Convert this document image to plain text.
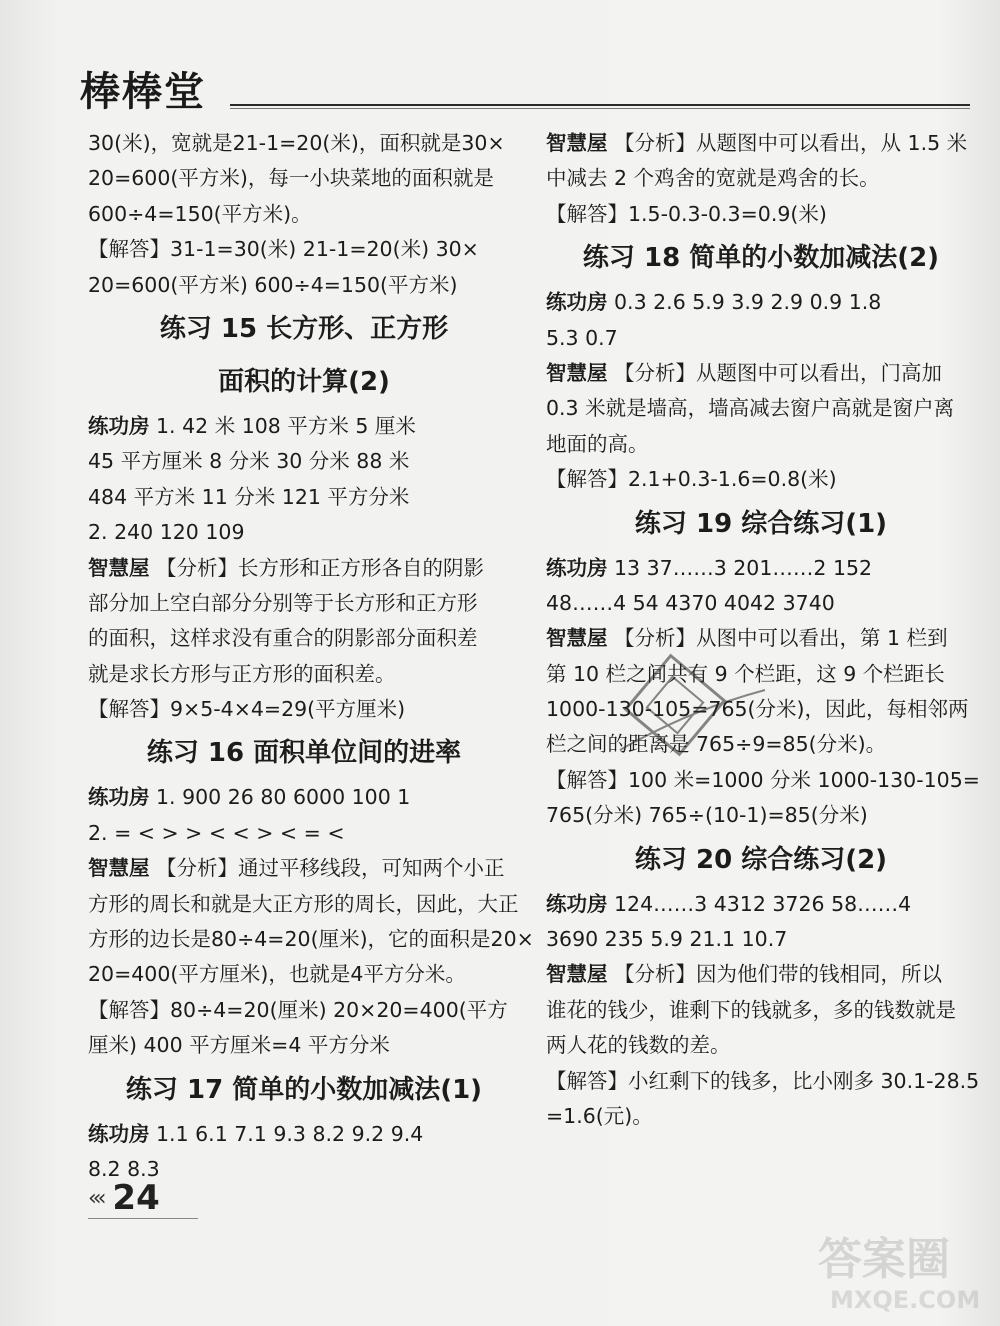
棒棒堂
30(米)，宽就是21-1=20(米)，面积就是30×
20=600(平方米)，每一小块菜地的面积就是
600÷4=150(平方米)。
【解答】31-1=30(米) 21-1=20(米) 30×
20=600(平方米) 600÷4=150(平方米)
练习 15 长方形、正方形
面积的计算(2)
练功房 1. 42 米 108 平方米 5 厘米
45 平方厘米 8 分米 30 分米 88 米
484 平方米 11 分米 121 平方分米
2. 240 120 109
智慧屋 【分析】长方形和正方形各自的阴影
部分加上空白部分分别等于长方形和正方形
的面积，这样求没有重合的阴影部分面积差
就是求长方形与正方形的面积差。
【解答】9×5-4×4=29(平方厘米)
练习 16 面积单位间的进率
练功房 1. 900 26 80 6000 100 1
2. = < > > < < > < = <
智慧屋 【分析】通过平移线段，可知两个小正
方形的周长和就是大正方形的周长，因此，大正
方形的边长是80÷4=20(厘米)，它的面积是20×
20=400(平方厘米)，也就是4平方分米。
【解答】80÷4=20(厘米) 20×20=400(平方
厘米) 400 平方厘米=4 平方分米
练习 17 简单的小数加减法(1)
练功房 1.1 6.1 7.1 9.3 8.2 9.2 9.4
8.2 8.3
智慧屋 【分析】从题图中可以看出，从 1.5 米
中减去 2 个鸡舍的宽就是鸡舍的长。
【解答】1.5-0.3-0.3=0.9(米)
练习 18 简单的小数加减法(2)
练功房 0.3 2.6 5.9 3.9 2.9 0.9 1.8
5.3 0.7
智慧屋 【分析】从题图中可以看出，门高加
0.3 米就是墙高，墙高减去窗户高就是窗户离
地面的高。
【解答】2.1+0.3-1.6=0.8(米)
练习 19 综合练习(1)
练功房 13 37……3 201……2 152
48……4 54 4370 4042 3740
智慧屋 【分析】从图中可以看出，第 1 栏到
第 10 栏之间共有 9 个栏距，这 9 个栏距长
1000-130-105=765(分米)，因此，每相邻两
栏之间的距离是 765÷9=85(分米)。
【解答】100 米=1000 分米 1000-130-105=
765(分米) 765÷(10-1)=85(分米)
练习 20 综合练习(2)
练功房 124……3 4312 3726 58……4
3690 235 5.9 21.1 10.7
智慧屋 【分析】因为他们带的钱相同，所以
谁花的钱少，谁剩下的钱就多，多的钱数就是
两人花的钱数的差。
【解答】小红剩下的钱多，比小刚多 30.1-28.5
=1.6(元)。
‹‹‹ 24
答案圈
MXQE.COM
